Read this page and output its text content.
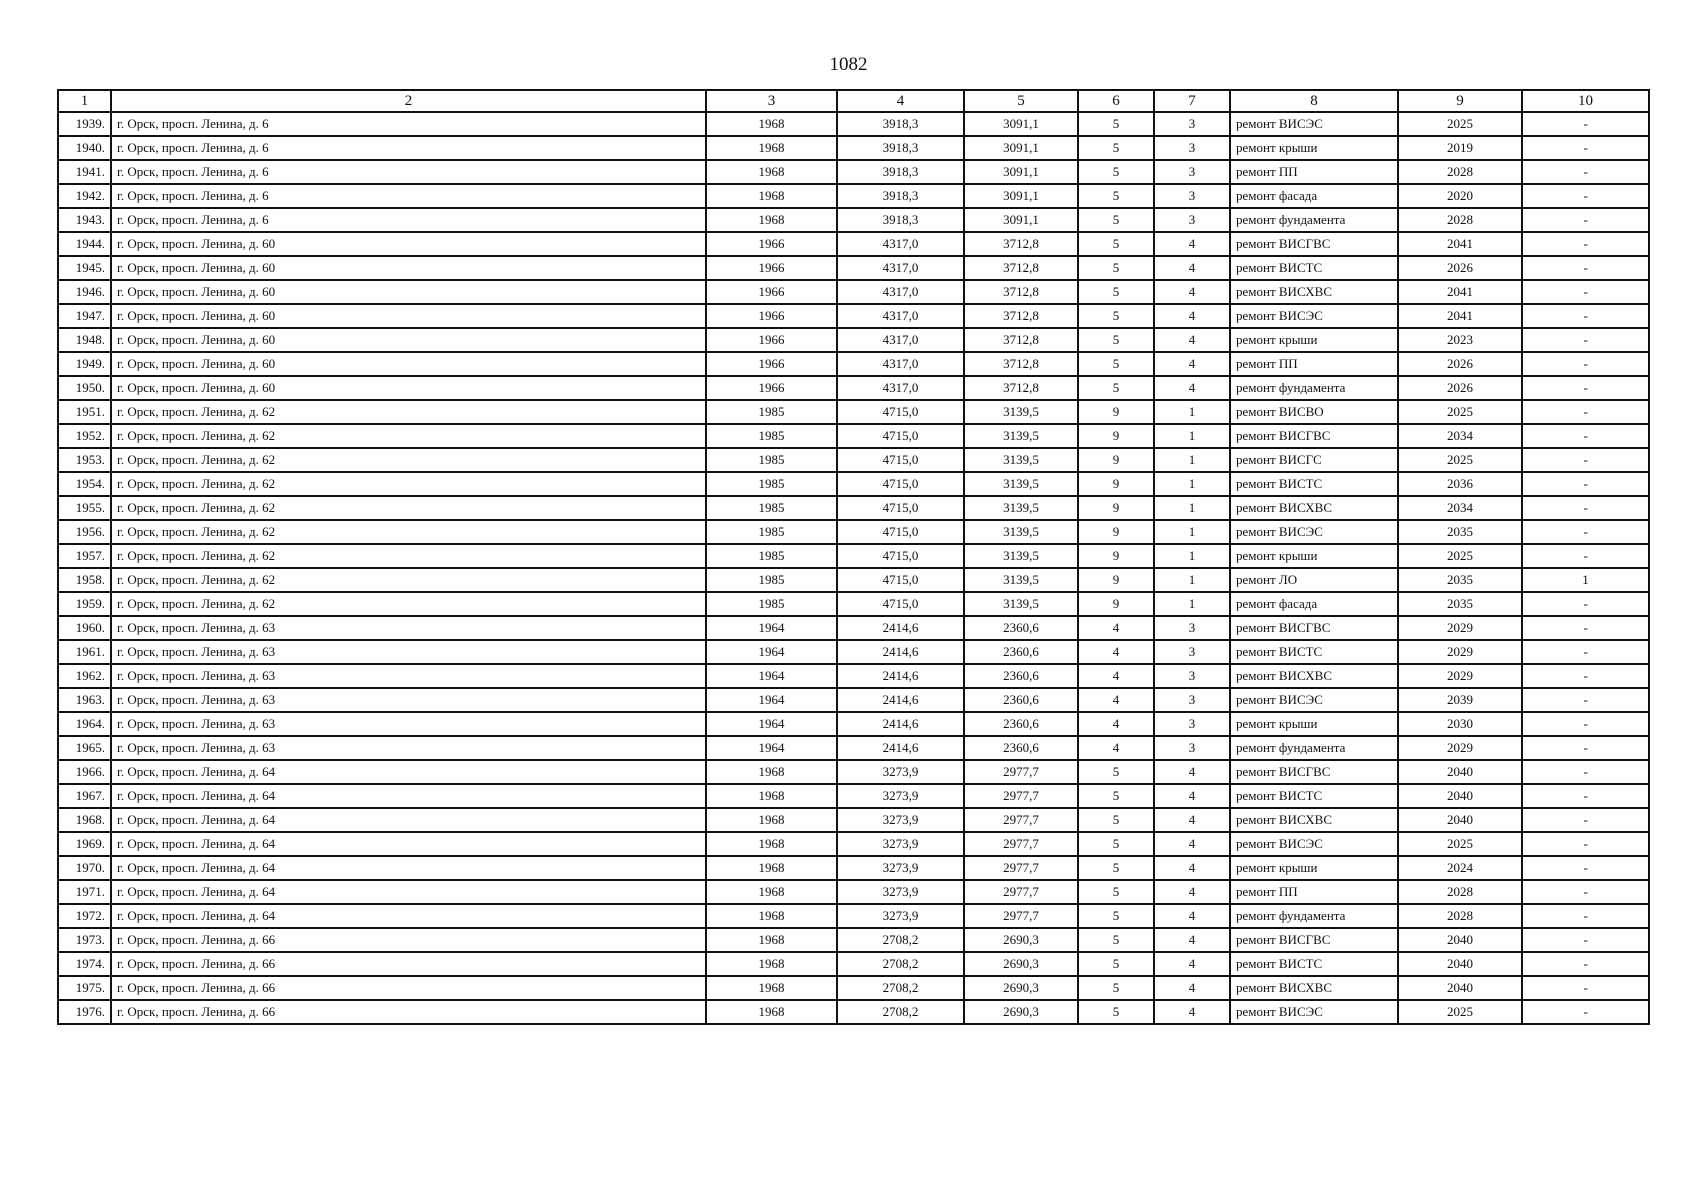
1082
1	2	3	4	5	6	7	8	9	10
1939.	г. Орск, просп. Ленина, д. 6	1968	3918,3	3091,1	5	3	ремонт ВИСЭС	2025	-
1940.	г. Орск, просп. Ленина, д. 6	1968	3918,3	3091,1	5	3	ремонт крыши	2019	-
1941.	г. Орск, просп. Ленина, д. 6	1968	3918,3	3091,1	5	3	ремонт ПП	2028	-
1942.	г. Орск, просп. Ленина, д. 6	1968	3918,3	3091,1	5	3	ремонт фасада	2020	-
1943.	г. Орск, просп. Ленина, д. 6	1968	3918,3	3091,1	5	3	ремонт фундамента	2028	-
1944.	г. Орск, просп. Ленина, д. 60	1966	4317,0	3712,8	5	4	ремонт ВИСГВС	2041	-
1945.	г. Орск, просп. Ленина, д. 60	1966	4317,0	3712,8	5	4	ремонт ВИСТС	2026	-
1946.	г. Орск, просп. Ленина, д. 60	1966	4317,0	3712,8	5	4	ремонт ВИСХВС	2041	-
1947.	г. Орск, просп. Ленина, д. 60	1966	4317,0	3712,8	5	4	ремонт ВИСЭС	2041	-
1948.	г. Орск, просп. Ленина, д. 60	1966	4317,0	3712,8	5	4	ремонт крыши	2023	-
1949.	г. Орск, просп. Ленина, д. 60	1966	4317,0	3712,8	5	4	ремонт ПП	2026	-
1950.	г. Орск, просп. Ленина, д. 60	1966	4317,0	3712,8	5	4	ремонт фундамента	2026	-
1951.	г. Орск, просп. Ленина, д. 62	1985	4715,0	3139,5	9	1	ремонт ВИСВО	2025	-
1952.	г. Орск, просп. Ленина, д. 62	1985	4715,0	3139,5	9	1	ремонт ВИСГВС	2034	-
1953.	г. Орск, просп. Ленина, д. 62	1985	4715,0	3139,5	9	1	ремонт ВИСГС	2025	-
1954.	г. Орск, просп. Ленина, д. 62	1985	4715,0	3139,5	9	1	ремонт ВИСТС	2036	-
1955.	г. Орск, просп. Ленина, д. 62	1985	4715,0	3139,5	9	1	ремонт ВИСХВС	2034	-
1956.	г. Орск, просп. Ленина, д. 62	1985	4715,0	3139,5	9	1	ремонт ВИСЭС	2035	-
1957.	г. Орск, просп. Ленина, д. 62	1985	4715,0	3139,5	9	1	ремонт крыши	2025	-
1958.	г. Орск, просп. Ленина, д. 62	1985	4715,0	3139,5	9	1	ремонт ЛО	2035	1
1959.	г. Орск, просп. Ленина, д. 62	1985	4715,0	3139,5	9	1	ремонт фасада	2035	-
1960.	г. Орск, просп. Ленина, д. 63	1964	2414,6	2360,6	4	3	ремонт ВИСГВС	2029	-
1961.	г. Орск, просп. Ленина, д. 63	1964	2414,6	2360,6	4	3	ремонт ВИСТС	2029	-
1962.	г. Орск, просп. Ленина, д. 63	1964	2414,6	2360,6	4	3	ремонт ВИСХВС	2029	-
1963.	г. Орск, просп. Ленина, д. 63	1964	2414,6	2360,6	4	3	ремонт ВИСЭС	2039	-
1964.	г. Орск, просп. Ленина, д. 63	1964	2414,6	2360,6	4	3	ремонт крыши	2030	-
1965.	г. Орск, просп. Ленина, д. 63	1964	2414,6	2360,6	4	3	ремонт фундамента	2029	-
1966.	г. Орск, просп. Ленина, д. 64	1968	3273,9	2977,7	5	4	ремонт ВИСГВС	2040	-
1967.	г. Орск, просп. Ленина, д. 64	1968	3273,9	2977,7	5	4	ремонт ВИСТС	2040	-
1968.	г. Орск, просп. Ленина, д. 64	1968	3273,9	2977,7	5	4	ремонт ВИСХВС	2040	-
1969.	г. Орск, просп. Ленина, д. 64	1968	3273,9	2977,7	5	4	ремонт ВИСЭС	2025	-
1970.	г. Орск, просп. Ленина, д. 64	1968	3273,9	2977,7	5	4	ремонт крыши	2024	-
1971.	г. Орск, просп. Ленина, д. 64	1968	3273,9	2977,7	5	4	ремонт ПП	2028	-
1972.	г. Орск, просп. Ленина, д. 64	1968	3273,9	2977,7	5	4	ремонт фундамента	2028	-
1973.	г. Орск, просп. Ленина, д. 66	1968	2708,2	2690,3	5	4	ремонт ВИСГВС	2040	-
1974.	г. Орск, просп. Ленина, д. 66	1968	2708,2	2690,3	5	4	ремонт ВИСТС	2040	-
1975.	г. Орск, просп. Ленина, д. 66	1968	2708,2	2690,3	5	4	ремонт ВИСХВС	2040	-
1976.	г. Орск, просп. Ленина, д. 66	1968	2708,2	2690,3	5	4	ремонт ВИСЭС	2025	-
